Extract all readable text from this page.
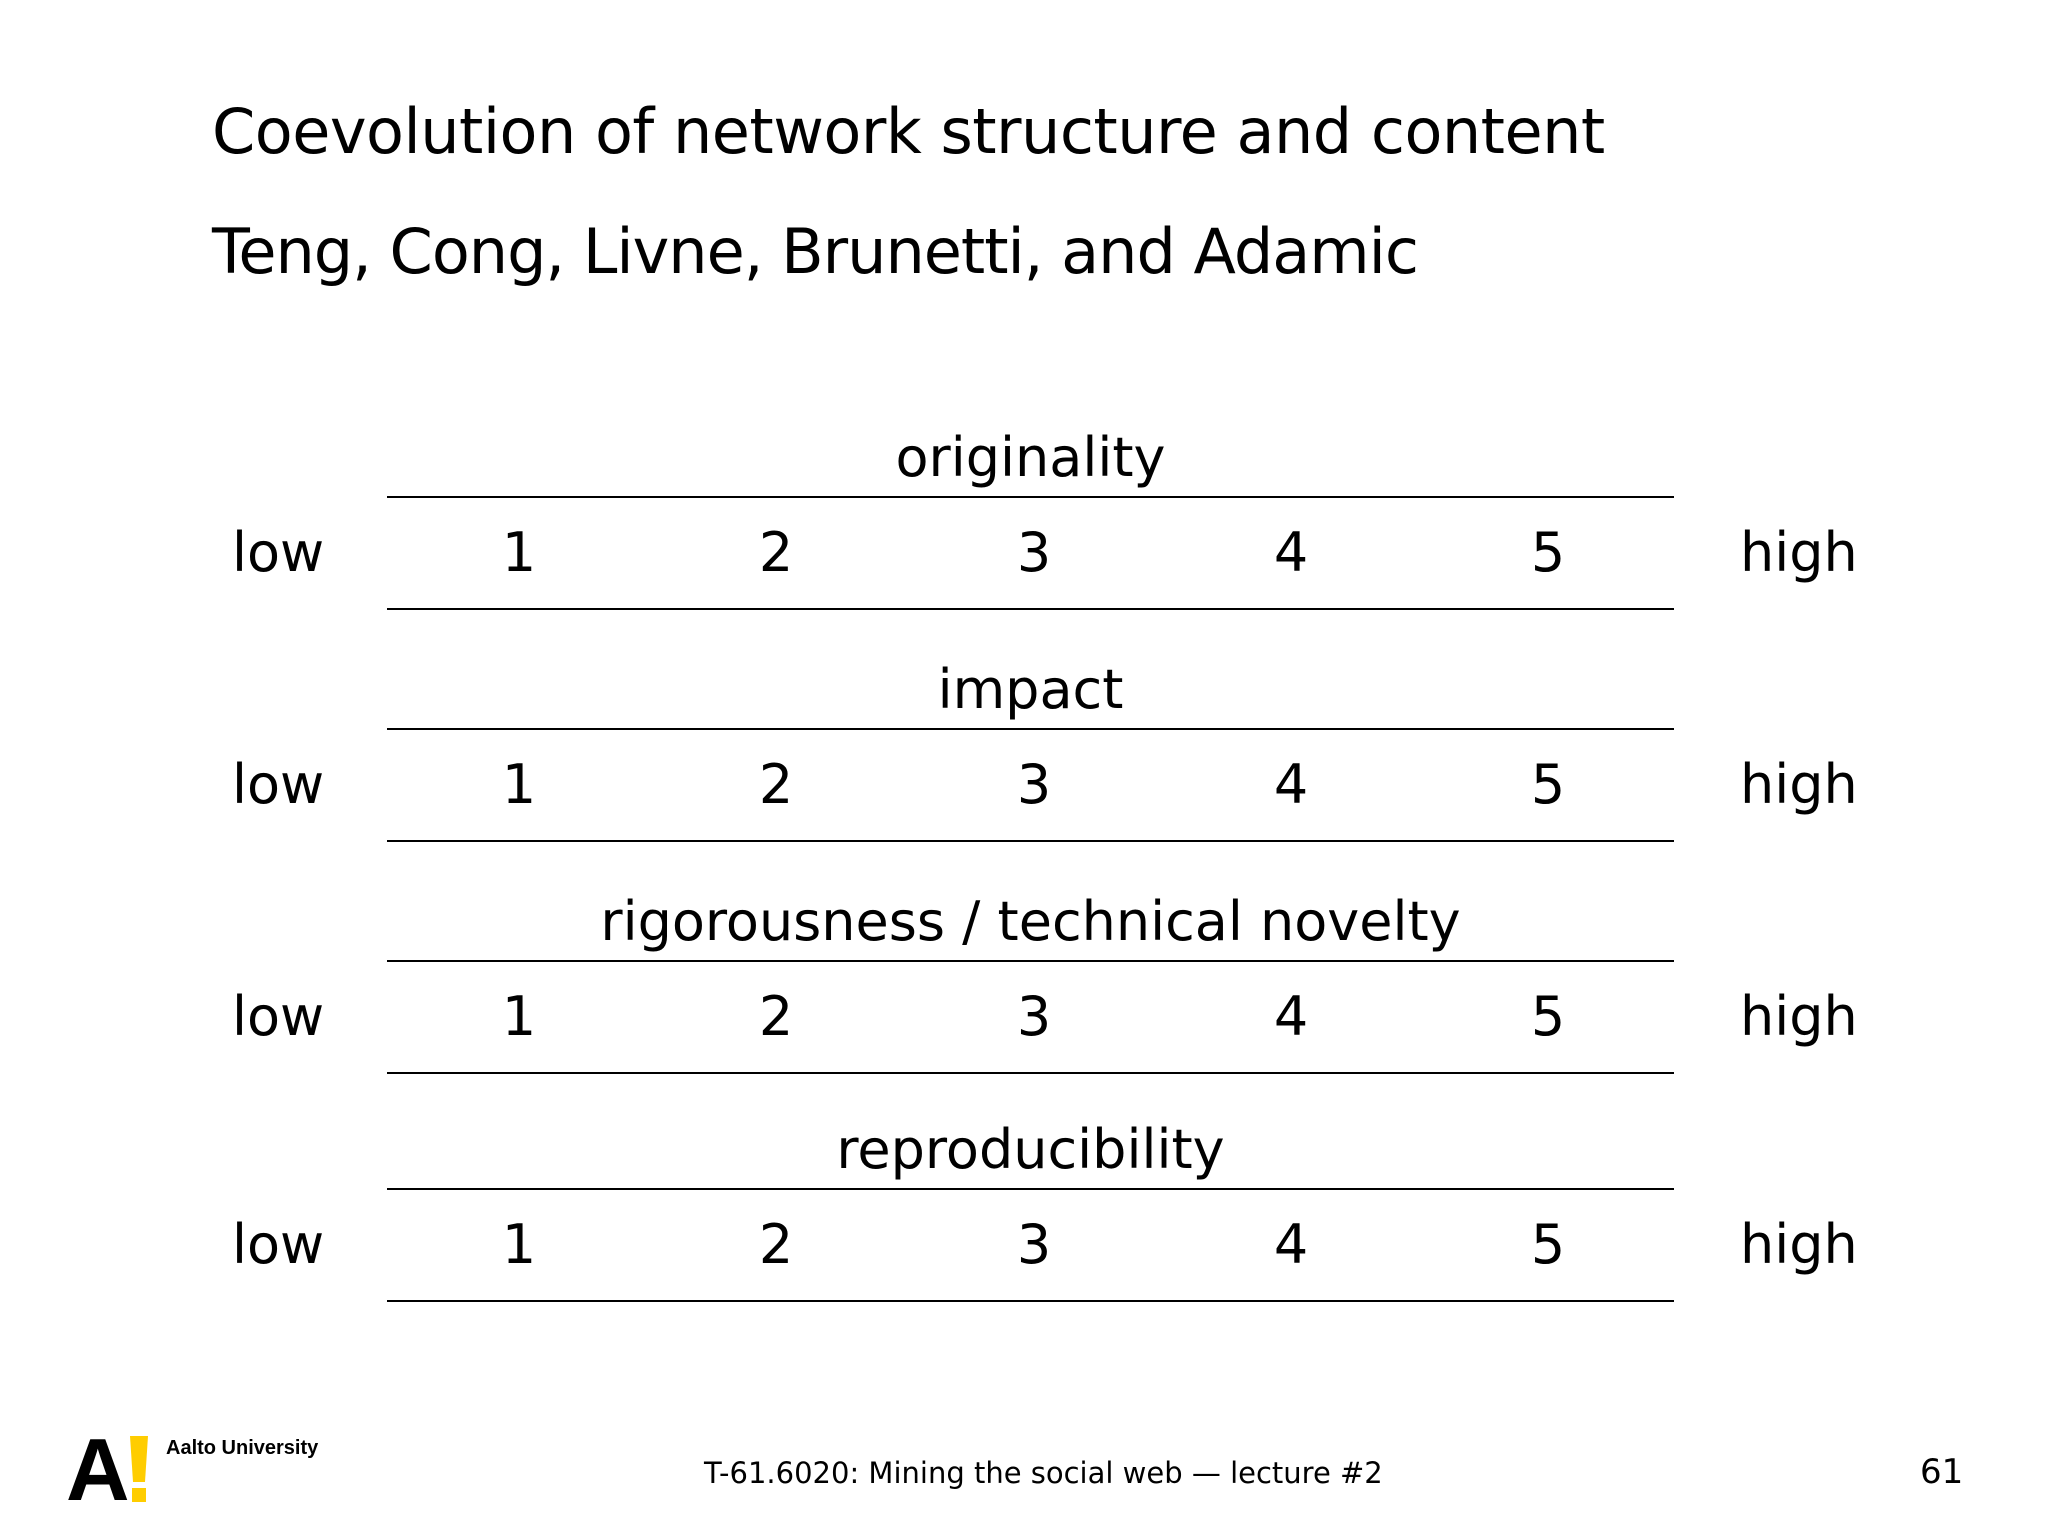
Coevolution of network structure and content
Teng, Cong, Livne, Brunetti, and Adamic
originality
low	1	2	3	4	5	high
impact
low	1	2	3	4	5	high
rigorousness / technical novelty
low	1	2	3	4	5	high
reproducibility
low	1	2	3	4	5	high
A Aalto University
T-61.6020: Mining the social web — lecture #2	61
